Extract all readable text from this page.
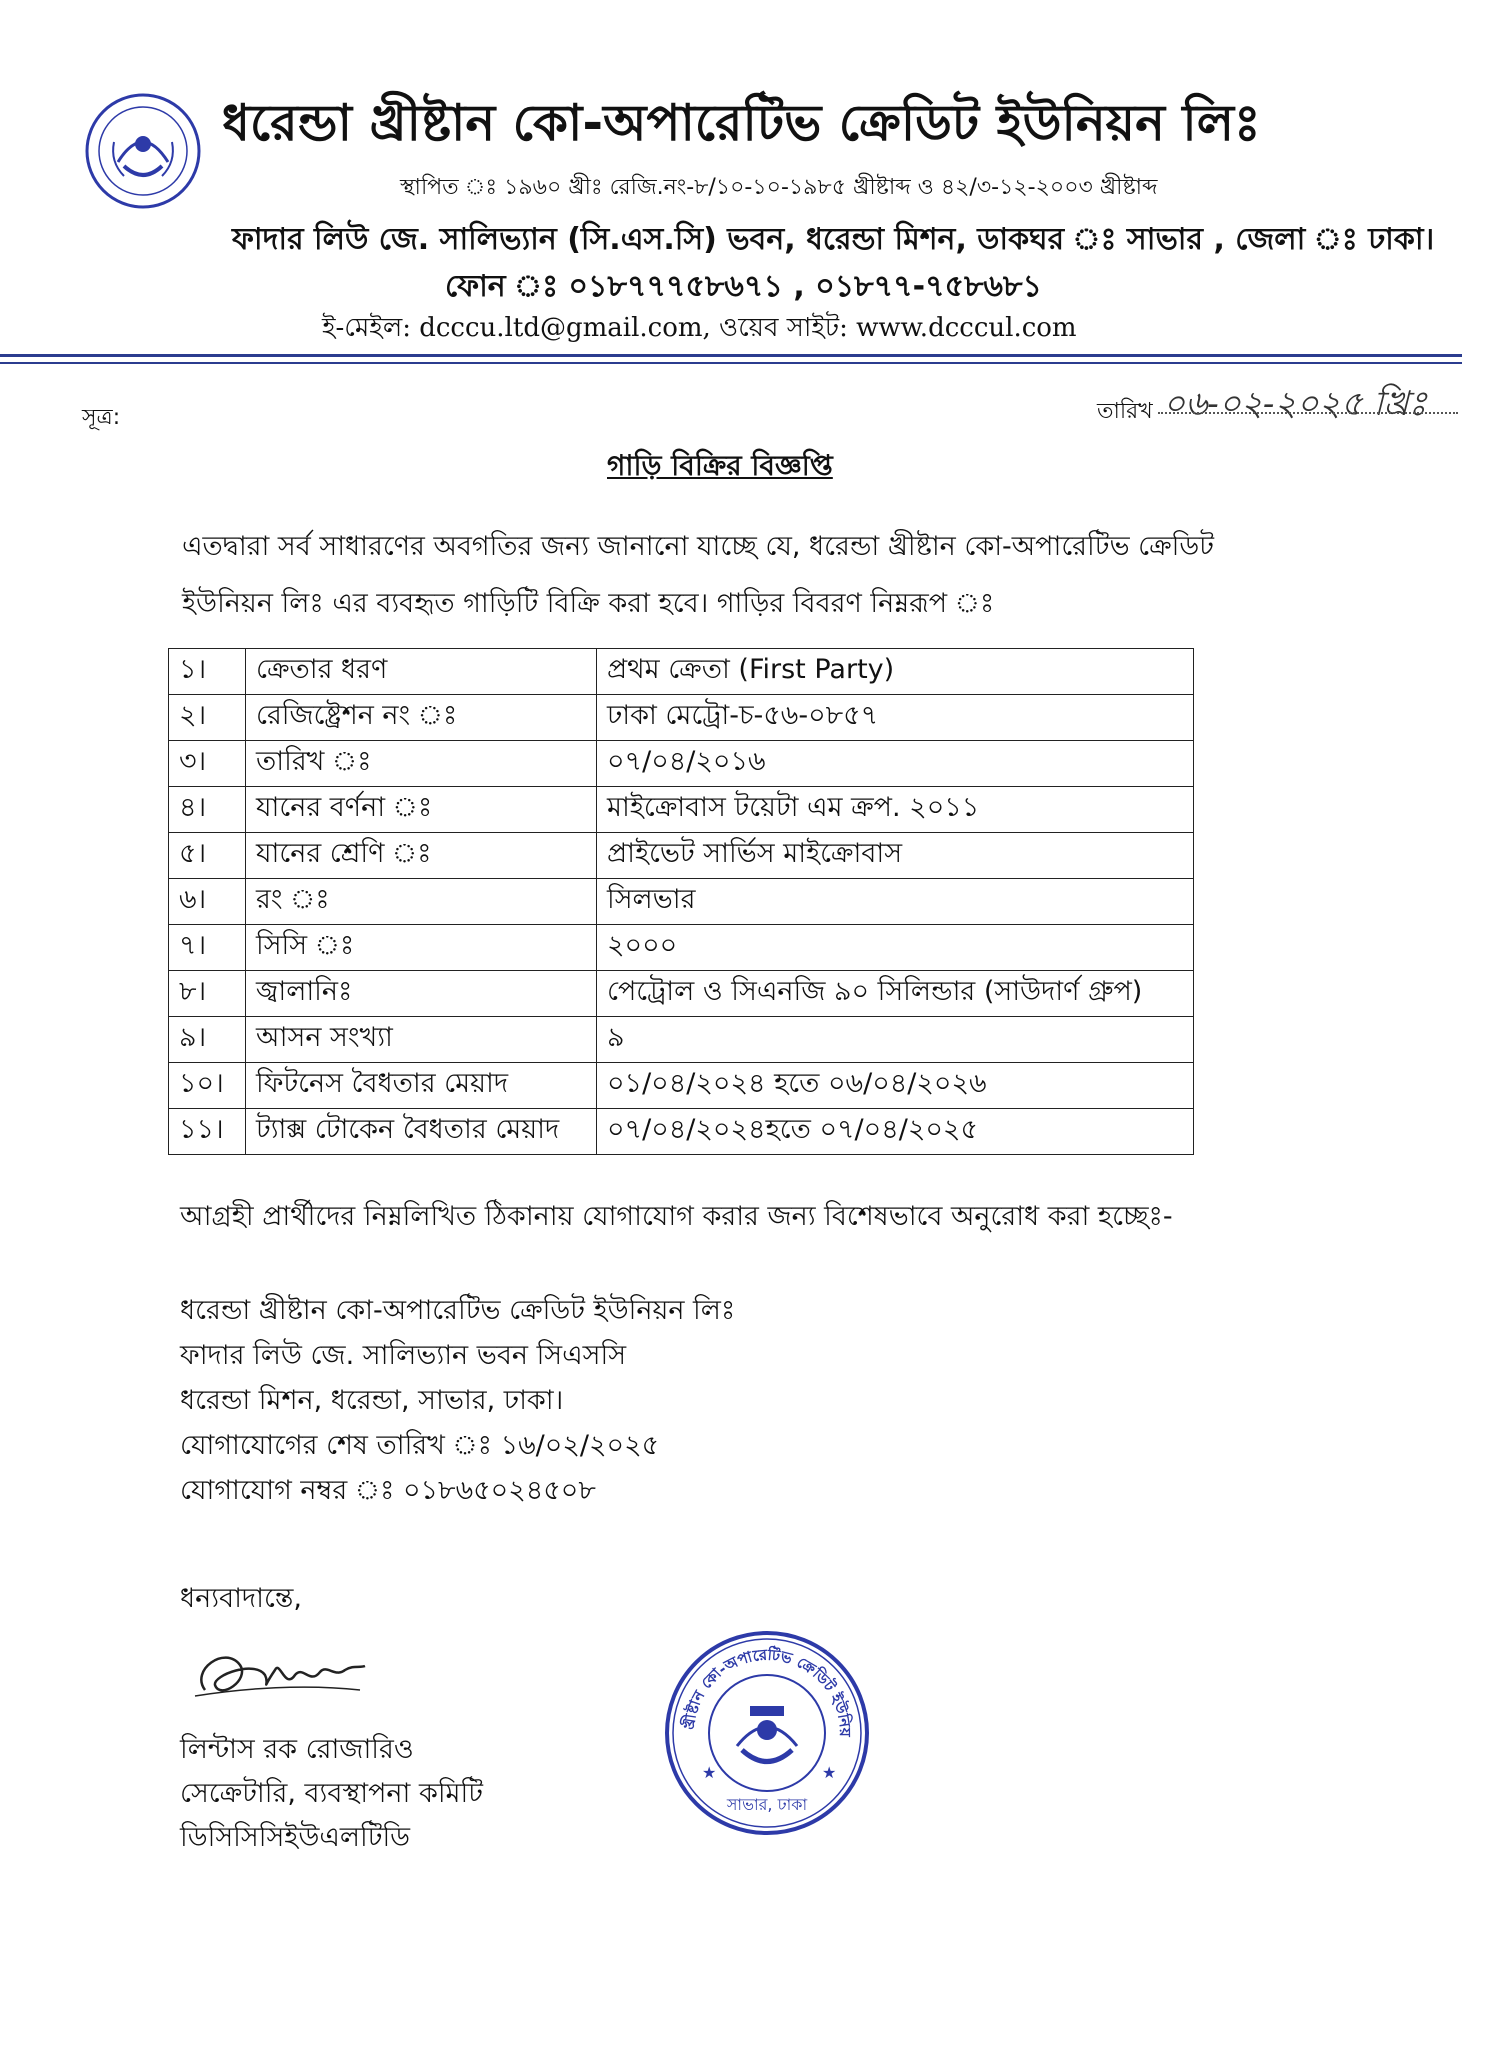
ধরেন্ডা খ্রীষ্টান কো-অপারেটিভ ক্রেডিট ইউনিয়ন লিঃ
স্থাপিত ঃ ১৯৬০ খ্রীঃ রেজি.নং-৮/১০-১০-১৯৮৫ খ্রীষ্টাব্দ ও ৪২/৩-১২-২০০৩ খ্রীষ্টাব্দ
ফাদার লিউ জে. সালিভ্যান (সি.এস.সি) ভবন, ধরেন্ডা মিশন, ডাকঘর ঃ সাভার , জেলা ঃ ঢাকা।
ফোন ঃ ০১৮৭৭৭৫৮৬৭১ , ০১৮৭৭-৭৫৮৬৮১
ই-মেইল: dcccu.ltd@gmail.com, ওয়েব সাইট: www.dcccul.com
সূত্র:	তারিখ ০৬-০২-২০২৫ খ্রিঃ
গাড়ি বিক্রির বিজ্ঞপ্তি
এতদ্বারা সর্ব সাধারণের অবগতির জন্য জানানো যাচ্ছে যে, ধরেন্ডা খ্রীষ্টান কো-অপারেটিভ ক্রেডিট ইউনিয়ন লিঃ এর ব্যবহৃত গাড়িটি বিক্রি করা হবে। গাড়ির বিবরণ নিম্নরূপ ঃ
১।	ক্রেতার ধরণ	প্রথম ক্রেতা (First Party)
২।	রেজিষ্ট্রেশন নং ঃ	ঢাকা মেট্রো-চ-৫৬-০৮৫৭
৩।	তারিখ ঃ	০৭/০৪/২০১৬
৪।	যানের বর্ণনা ঃ	মাইক্রোবাস টয়েটা এম ক্রপ. ২০১১
৫।	যানের শ্রেণি ঃ	প্রাইভেট সার্ভিস মাইক্রোবাস
৬।	রং ঃ	সিলভার
৭।	সিসি ঃ	২০০০
৮।	জ্বালানিঃ	পেট্রোল ও সিএনজি ৯০ সিলিন্ডার (সাউদার্ণ গ্রুপ)
৯।	আসন সংখ্যা	৯
১০।	ফিটনেস বৈধতার মেয়াদ	০১/০৪/২০২৪ হতে ০৬/০৪/২০২৬
১১।	ট্যাক্স টোকেন বৈধতার মেয়াদ	০৭/০৪/২০২৪হতে ০৭/০৪/২০২৫
আগ্রহী প্রার্থীদের নিম্নলিখিত ঠিকানায় যোগাযোগ করার জন্য বিশেষভাবে অনুরোধ করা হচ্ছেঃ-
ধরেন্ডা খ্রীষ্টান কো-অপারেটিভ ক্রেডিট ইউনিয়ন লিঃ
ফাদার লিউ জে. সালিভ্যান ভবন সিএসসি
ধরেন্ডা মিশন, ধরেন্ডা, সাভার, ঢাকা।
যোগাযোগের শেষ তারিখ ঃ ১৬/০২/২০২৫
যোগাযোগ নম্বর ঃ ০১৮৬৫০২৪৫০৮
ধন্যবাদান্তে,
লিন্টাস রক রোজারিও
সেক্রেটারি, ব্যবস্থাপনা কমিটি
ডিসিসিসিইউএলটিডি
খ্রীষ্টান কো-অপারেটিভ ক্রেডিট ইউনিয়
সাভার, ঢাকা
★	★
